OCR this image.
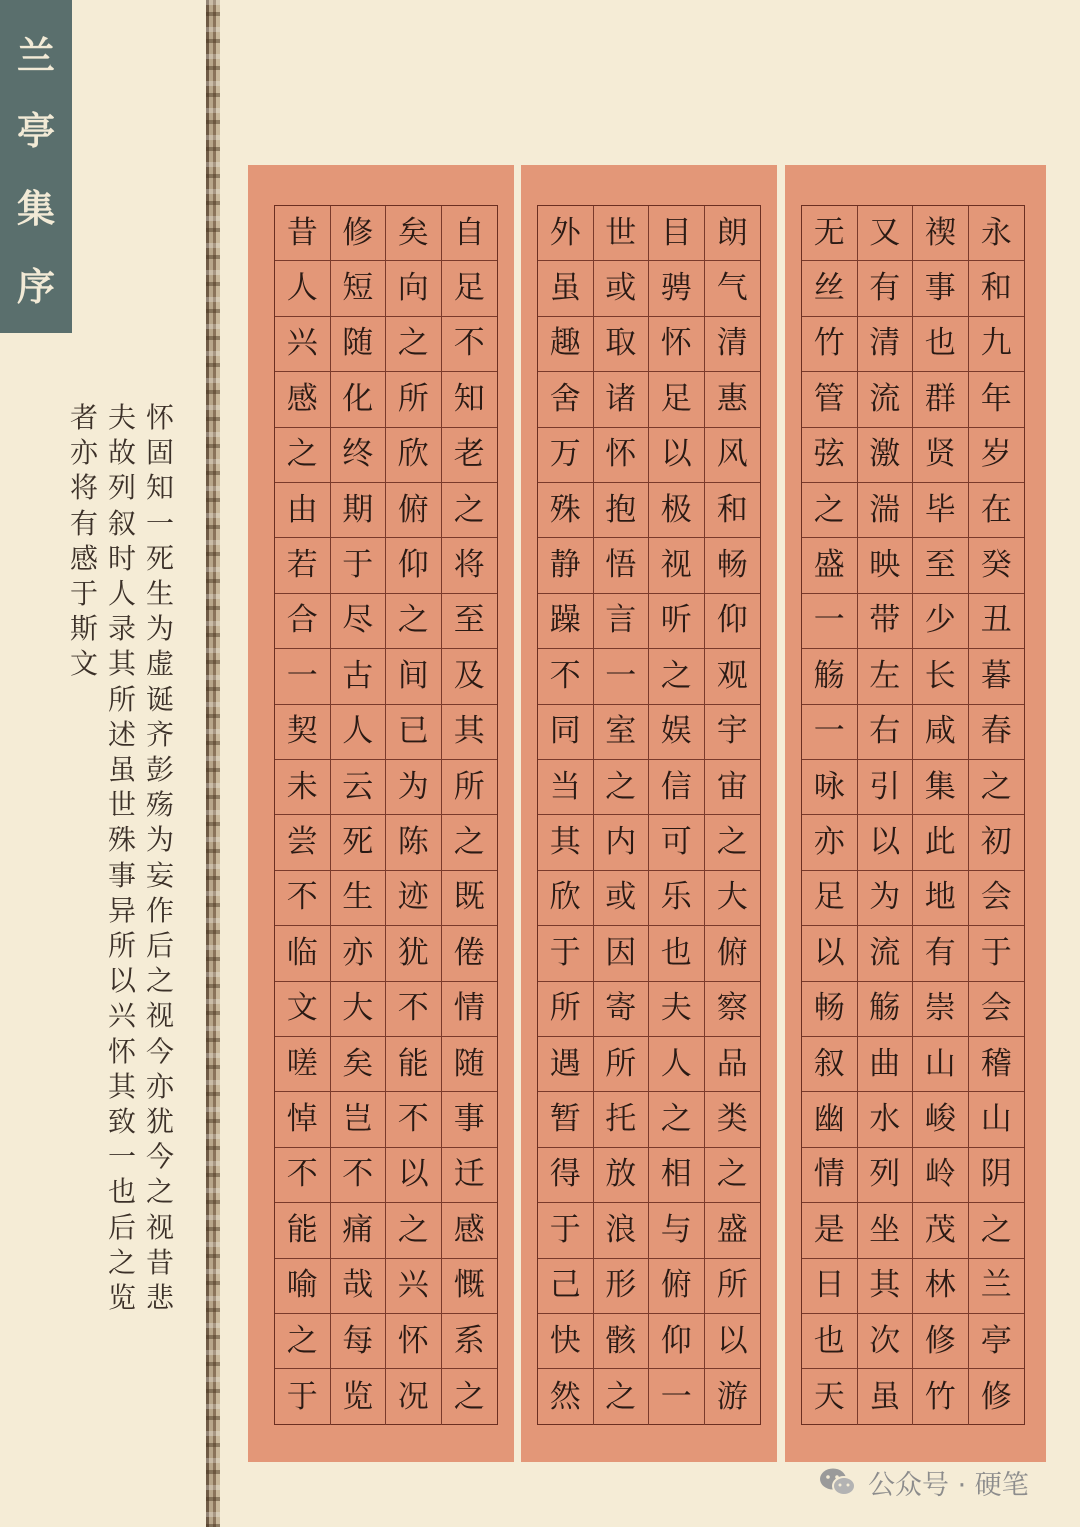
兰
亭
集
序
怀
固
知
一
死
生
为
虚
诞
齐
彭
殇
为
妄
作
后
之
视
今
亦
犹
今
之
视
昔
悲
夫
故
列
叙
时
人
录
其
所
述
虽
世
殊
事
异
所
以
兴
怀
其
致
一
也
后
之
览
者
亦
将
有
感
于
斯
文
自
足
不
知
老
之
将
至
及
其
所
之
既
倦
情
随
事
迁
感
慨
系
之
矣
向
之
所
欣
俯
仰
之
间
已
为
陈
迹
犹
不
能
不
以
之
兴
怀
况
修
短
随
化
终
期
于
尽
古
人
云
死
生
亦
大
矣
岂
不
痛
哉
每
览
昔
人
兴
感
之
由
若
合
一
契
未
尝
不
临
文
嗟
悼
不
能
喻
之
于
朗
气
清
惠
风
和
畅
仰
观
宇
宙
之
大
俯
察
品
类
之
盛
所
以
游
目
骋
怀
足
以
极
视
听
之
娱
信
可
乐
也
夫
人
之
相
与
俯
仰
一
世
或
取
诸
怀
抱
悟
言
一
室
之
内
或
因
寄
所
托
放
浪
形
骸
之
外
虽
趣
舍
万
殊
静
躁
不
同
当
其
欣
于
所
遇
暂
得
于
己
快
然
永
和
九
年
岁
在
癸
丑
暮
春
之
初
会
于
会
稽
山
阴
之
兰
亭
修
禊
事
也
群
贤
毕
至
少
长
咸
集
此
地
有
崇
山
峻
岭
茂
林
修
竹
又
有
清
流
激
湍
映
带
左
右
引
以
为
流
觞
曲
水
列
坐
其
次
虽
无
丝
竹
管
弦
之
盛
一
觞
一
咏
亦
足
以
畅
叙
幽
情
是
日
也
天
公众号 · 硬笔
